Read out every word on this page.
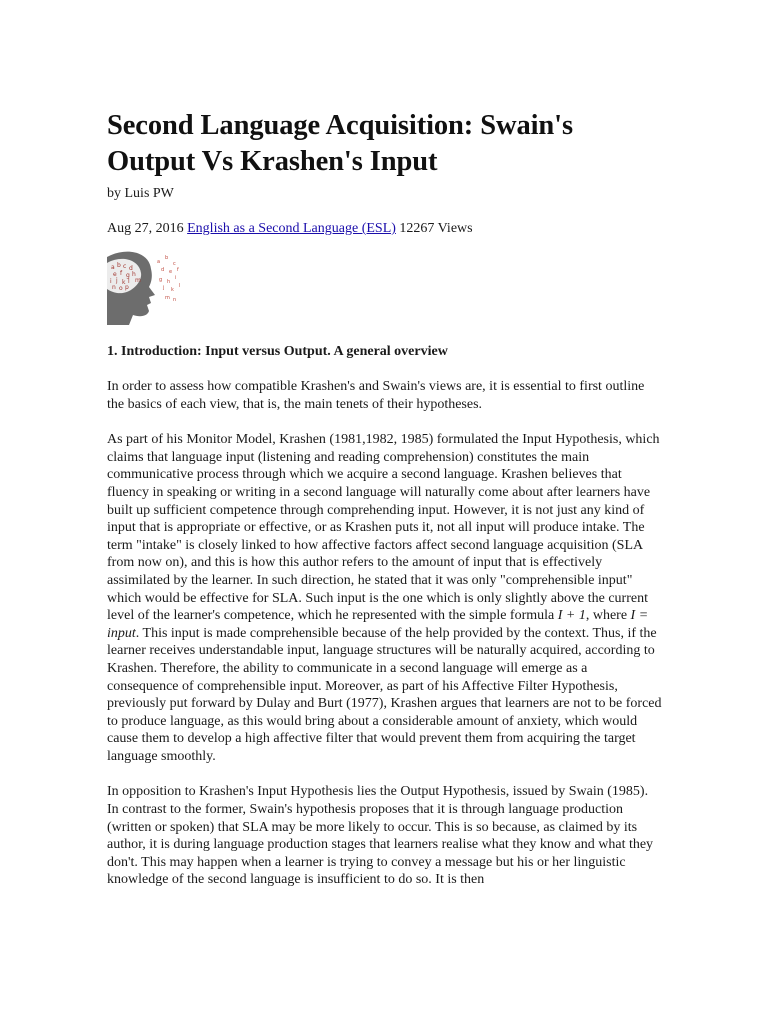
Second Language Acquisition: Swain's Output Vs Krashen's Input
by Luis PW
Aug 27, 2016 English as a Second Language (ESL) 12267 Views
a b c d
e f g h
i j k l m
n o p
a
b
c
d e f
g h
i
j k
l
m n
1. Introduction: Input versus Output. A general overview

In order to assess how compatible Krashen's and Swain's views are, it is essential to first outline the basics of each view, that is, the main tenets of their hypotheses.

As part of his Monitor Model, Krashen (1981,1982, 1985) formulated the Input Hypothesis, which claims that language input (listening and reading comprehension) constitutes the main communicative process through which we acquire a second language. Krashen believes that fluency in speaking or writing in a second language will naturally come about after learners have built up sufficient competence through comprehending input. However, it is not just any kind of input that is appropriate or effective, or as Krashen puts it, not all input will produce intake. The term "intake" is closely linked to how affective factors affect second language acquisition (SLA from now on), and this is how this author refers to the amount of input that is effectively assimilated by the learner. In such direction, he stated that it was only "comprehensible input" which would be effective for SLA. Such input is the one which is only slightly above the current level of the learner's competence, which he represented with the simple formula I + 1, where I = input. This input is made comprehensible because of the help provided by the context. Thus, if the learner receives understandable input, language structures will be naturally acquired, according to Krashen. Therefore, the ability to communicate in a second language will emerge as a consequence of comprehensible input. Moreover, as part of his Affective Filter Hypothesis, previously put forward by Dulay and Burt (1977), Krashen argues that learners are not to be forced to produce language, as this would bring about a considerable amount of anxiety, which would cause them to develop a high affective filter that would prevent them from acquiring the target language smoothly.

In opposition to Krashen's Input Hypothesis lies the Output Hypothesis, issued by Swain (1985). In contrast to the former, Swain's hypothesis proposes that it is through language production (written or spoken) that SLA may be more likely to occur. This is so because, as claimed by its author, it is during language production stages that learners realise what they know and what they don't. This may happen when a learner is trying to convey a message but his or her linguistic knowledge of the second language is insufficient to do so. It is then
